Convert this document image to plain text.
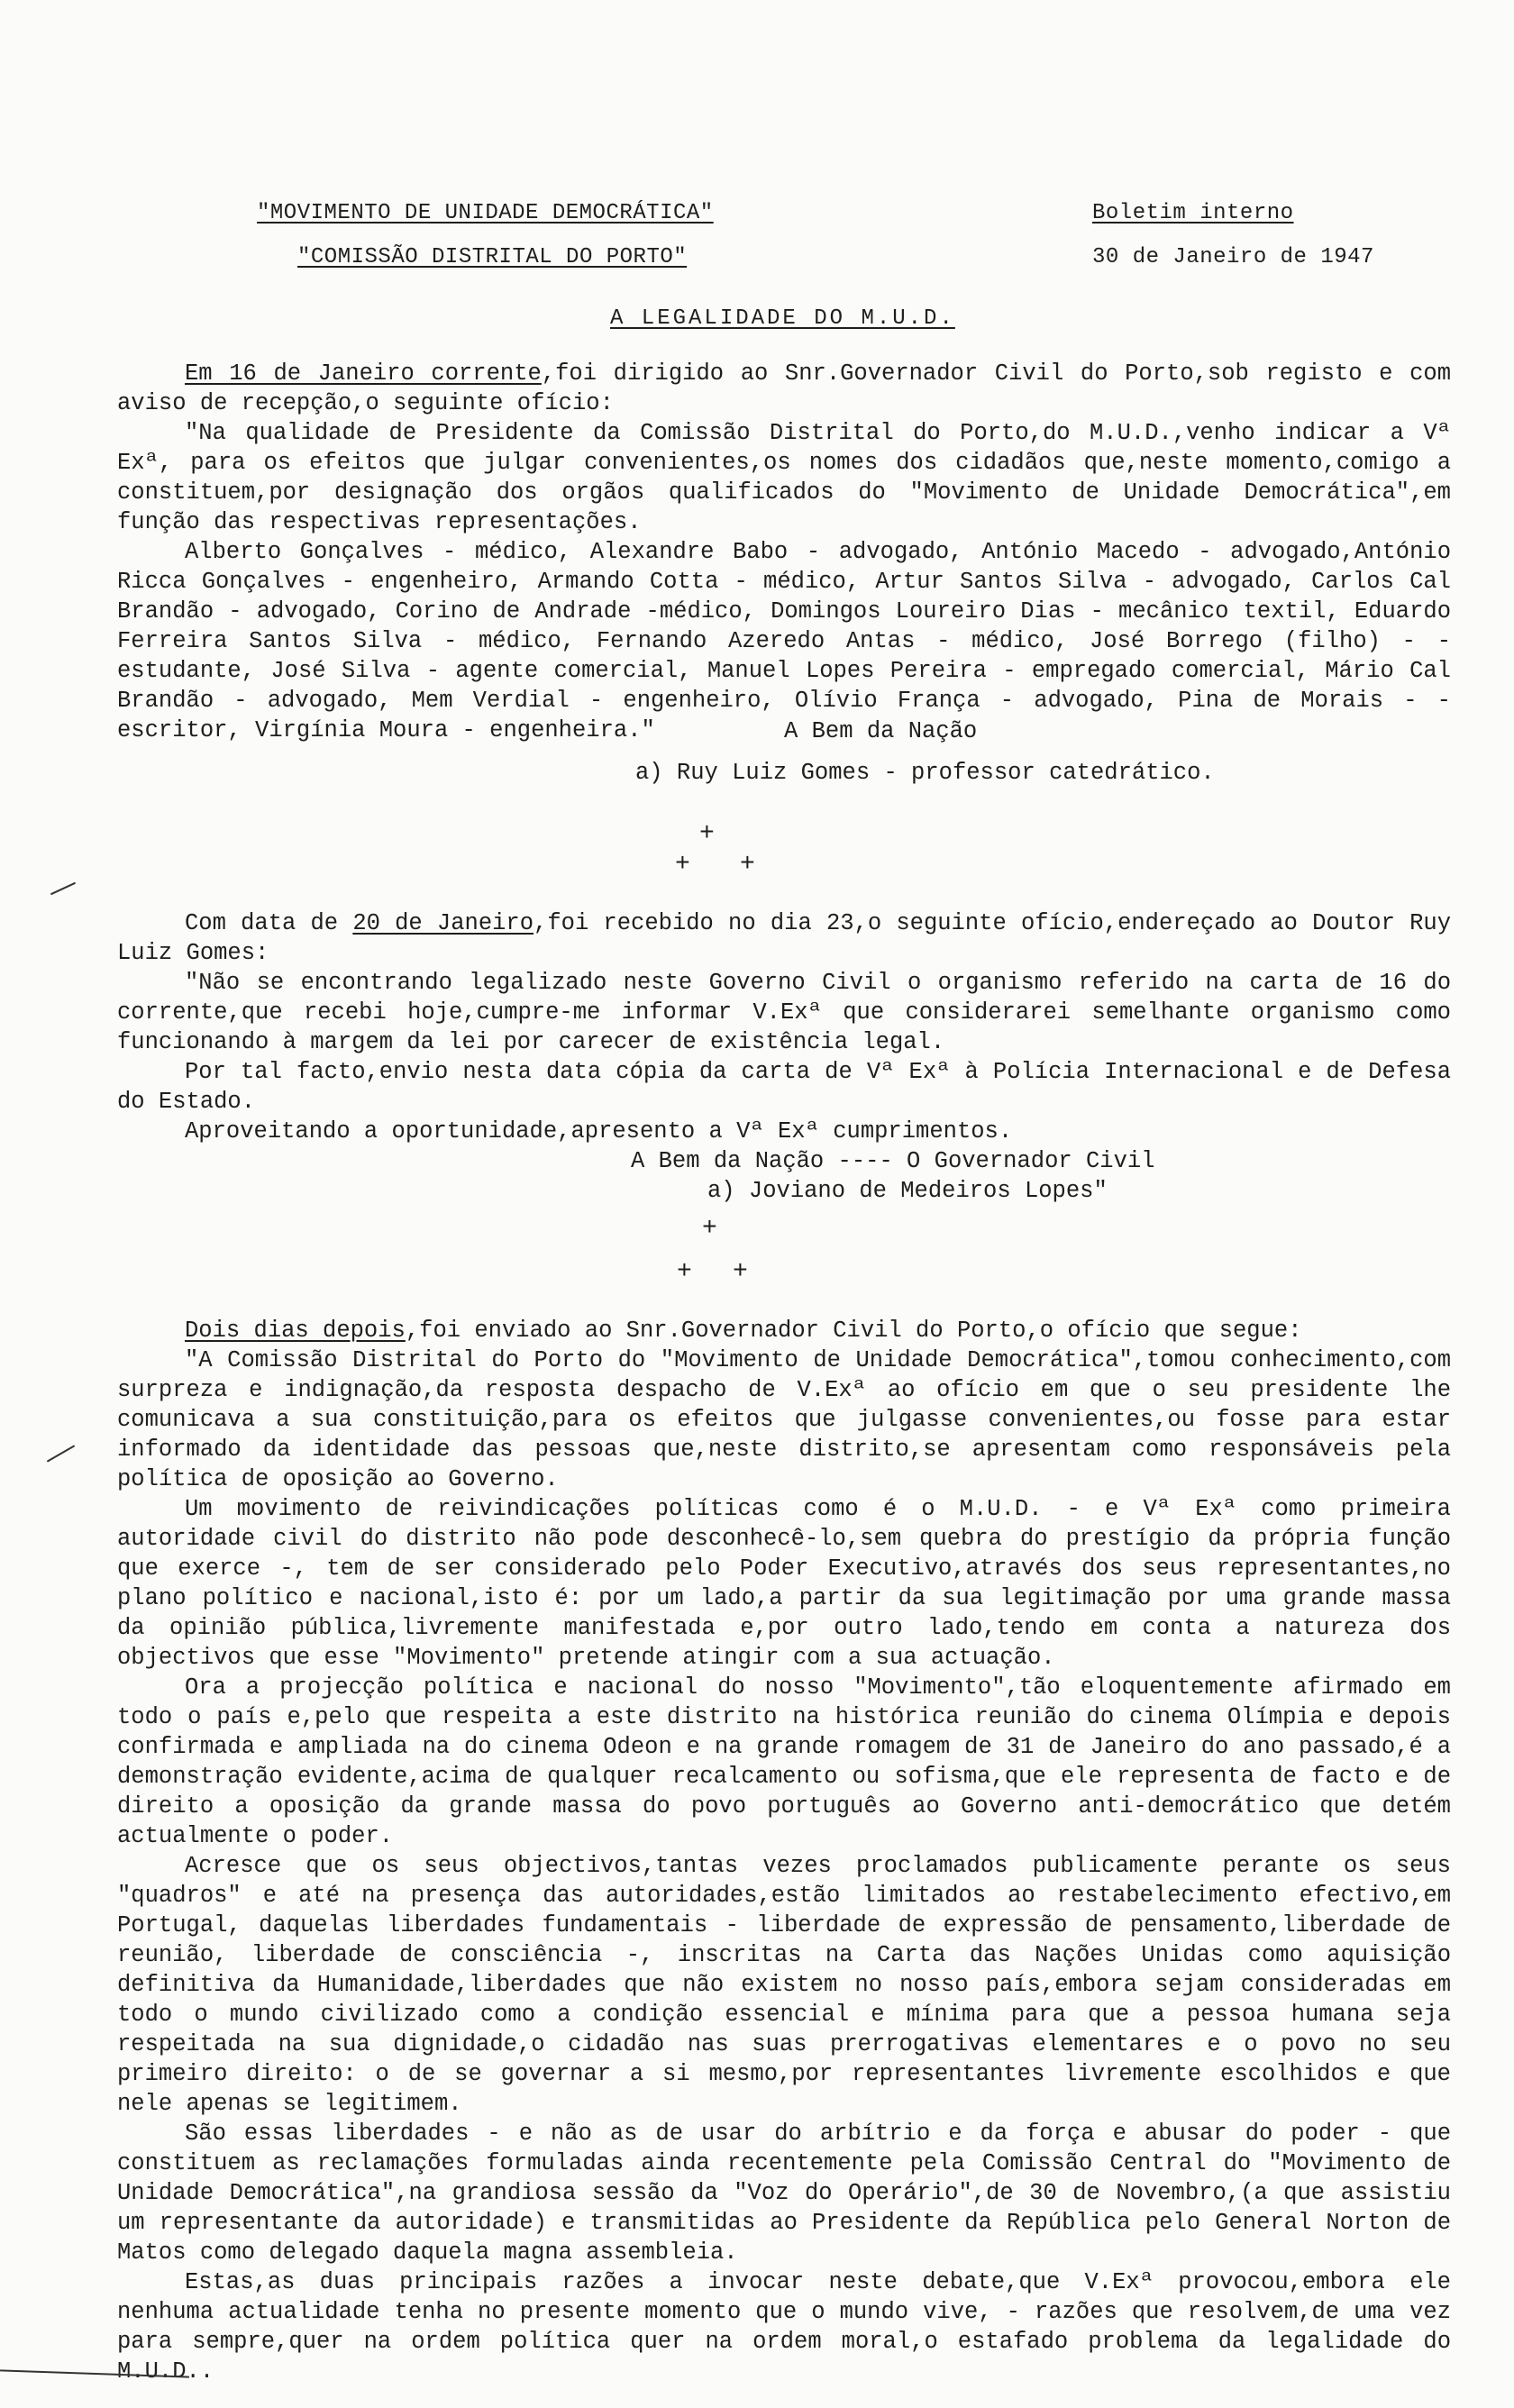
"MOVIMENTO DE UNIDADE DEMOCRÁTICA"
"COMISSÃO DISTRITAL DO PORTO"
Boletim interno
30 de Janeiro de 1947
A LEGALIDADE DO M.U.D.

Em 16 de Janeiro corrente,foi dirigido ao Snr.Governador Civil do Porto,sob registo e com aviso de recepção,o seguinte ofício:

"Na qualidade de Presidente da Comissão Distrital do Porto,do M.U.D.,venho indicar a Vª Exª, para os efeitos que julgar convenientes,os nomes dos cidadãos que,neste momento,comigo a constituem,por designação dos orgãos qualificados do "Movimento de Unidade Democrática",em função das respectivas representações.

Alberto Gonçalves - médico, Alexandre Babo - advogado, António Macedo - advogado,António Ricca Gonçalves - engenheiro, Armando Cotta - médico, Artur Santos Silva - advogado, Carlos Cal Brandão - advogado, Corino de Andrade -médico, Domingos Loureiro Dias - mecânico textil, Eduardo Ferreira Santos Silva - médico, Fernando Azeredo Antas - médico, José Borrego (filho) - - estudante, José Silva - agente comercial, Manuel Lopes Pereira - empregado comercial, Mário Cal Brandão - advogado, Mem Verdial - engenheiro, Olívio França - advogado, Pina de Morais - - escritor, Virgínia Moura - engenheira."	A Bem da Nação
a) Ruy Luiz Gomes - professor catedrático.
+
+ +

Com data de 20 de Janeiro,foi recebido no dia 23,o seguinte ofício,endereçado ao Doutor Ruy Luiz Gomes:

"Não se encontrando legalizado neste Governo Civil o organismo referido na carta de 16 do corrente,que recebi hoje,cumpre-me informar V.Exª que considerarei semelhante organismo como funcionando à margem da lei por carecer de existência legal.

Por tal facto,envio nesta data cópia da carta de Vª Exª à Polícia Internacional e de Defesa do Estado.

Aproveitando a oportunidade,apresento a Vª Exª cumprimentos.

A Bem da Nação ---- O Governador Civil
a) Joviano de Medeiros Lopes"
+
+ +

Dois dias depois,foi enviado ao Snr.Governador Civil do Porto,o ofício que segue:

"A Comissão Distrital do Porto do "Movimento de Unidade Democrática",tomou conhecimento,com surpreza e indignação,da resposta despacho de V.Exª ao ofício em que o seu presidente lhe comunicava a sua constituição,para os efeitos que julgasse convenientes,ou fosse para estar informado da identidade das pessoas que,neste distrito,se apresentam como responsáveis pela política de oposição ao Governo.

Um movimento de reivindicações políticas como é o M.U.D. - e Vª Exª como primeira autoridade civil do distrito não pode desconhecê-lo,sem quebra do prestígio da própria função que exerce -, tem de ser considerado pelo Poder Executivo,através dos seus representantes,no plano político e nacional,isto é: por um lado,a partir da sua legitimação por uma grande massa da opinião pública,livremente manifestada e,por outro lado,tendo em conta a natureza dos objectivos que esse "Movimento" pretende atingir com a sua actuação.

Ora a projecção política e nacional do nosso "Movimento",tão eloquentemente afirmado em todo o país e,pelo que respeita a este distrito na histórica reunião do cinema Olímpia e depois confirmada e ampliada na do cinema Odeon e na grande romagem de 31 de Janeiro do ano passado,é a demonstração evidente,acima de qualquer recalcamento ou sofisma,que ele representa de facto e de direito a oposição da grande massa do povo português ao Governo anti-democrático que detém actualmente o poder.

Acresce que os seus objectivos,tantas vezes proclamados publicamente perante os seus "quadros" e até na presença das autoridades,estão limitados ao restabelecimento efectivo,em Portugal, daquelas liberdades fundamentais - liberdade de expressão de pensamento,liberdade de reunião, liberdade de consciência -, inscritas na Carta das Nações Unidas como aquisição definitiva da Humanidade,liberdades que não existem no nosso país,embora sejam consideradas em todo o mundo civilizado como a condição essencial e mínima para que a pessoa humana seja respeitada na sua dignidade,o cidadão nas suas prerrogativas elementares e o povo no seu primeiro direito: o de se governar a si mesmo,por representantes livremente escolhidos e que nele apenas se legitimem.

São essas liberdades - e não as de usar do arbítrio e da força e abusar do poder - que constituem as reclamações formuladas ainda recentemente pela Comissão Central do "Movimento de Unidade Democrática",na grandiosa sessão da "Voz do Operário",de 30 de Novembro,(a que assistiu um representante da autoridade) e transmitidas ao Presidente da República pelo General Norton de Matos como delegado daquela magna assembleia.

Estas,as duas principais razões a invocar neste debate,que V.Exª provocou,embora ele nenhuma actualidade tenha no presente momento que o mundo vive, - razões que resolvem,de uma vez para sempre,quer na ordem política quer na ordem moral,o estafado problema da legalidade do M.U.D..
